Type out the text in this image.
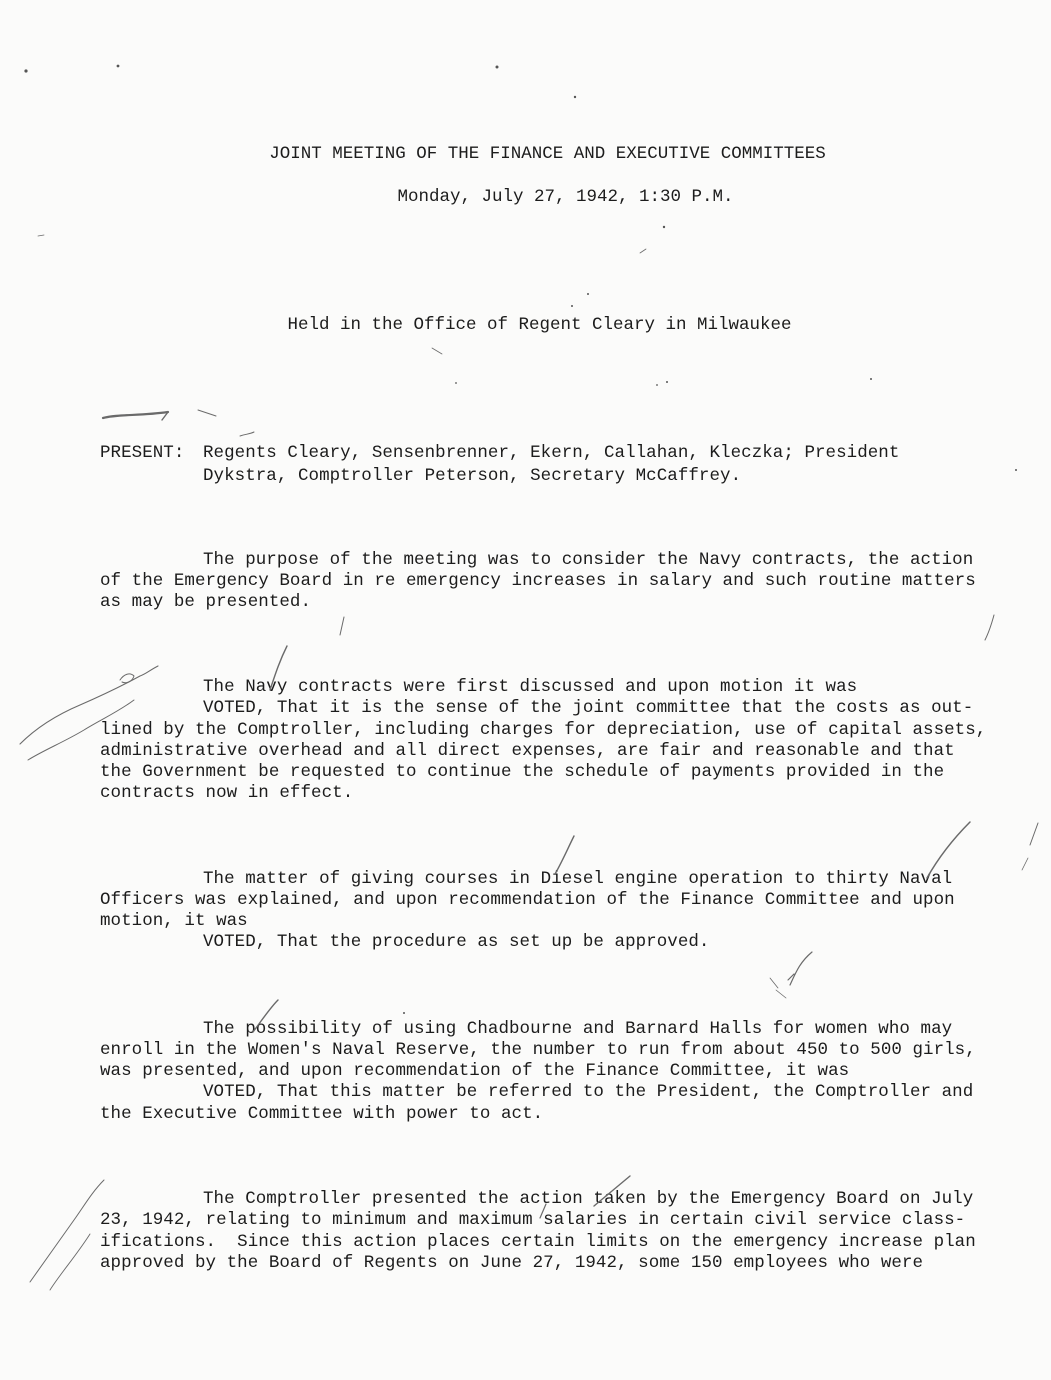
JOINT MEETING OF THE FINANCE AND EXECUTIVE COMMITTEES
Monday, July 27, 1942, 1:30 P.M.
Held in the Office of Regent Cleary in Milwaukee
PRESENT: Regents Cleary, Sensenbrenner, Ekern, Callahan, Kleczka; President
Dykstra, Comptroller Peterson, Secretary McCaffrey.
The purpose of the meeting was to consider the Navy contracts, the action
of the Emergency Board in re emergency increases in salary and such routine matters
as may be presented.
The Navy contracts were first discussed and upon motion it was
VOTED, That it is the sense of the joint committee that the costs as out-
lined by the Comptroller, including charges for depreciation, use of capital assets,
administrative overhead and all direct expenses, are fair and reasonable and that
the Government be requested to continue the schedule of payments provided in the
contracts now in effect.
The matter of giving courses in Diesel engine operation to thirty Naval
Officers was explained, and upon recommendation of the Finance Committee and upon
motion, it was
VOTED, That the procedure as set up be approved.
The possibility of using Chadbourne and Barnard Halls for women who may
enroll in the Women's Naval Reserve, the number to run from about 450 to 500 girls,
was presented, and upon recommendation of the Finance Committee, it was
VOTED, That this matter be referred to the President, the Comptroller and
the Executive Committee with power to act.
The Comptroller presented the action taken by the Emergency Board on July
23, 1942, relating to minimum and maximum salaries in certain civil service class-
ifications.  Since this action places certain limits on the emergency increase plan
approved by the Board of Regents on June 27, 1942, some 150 employees who were
